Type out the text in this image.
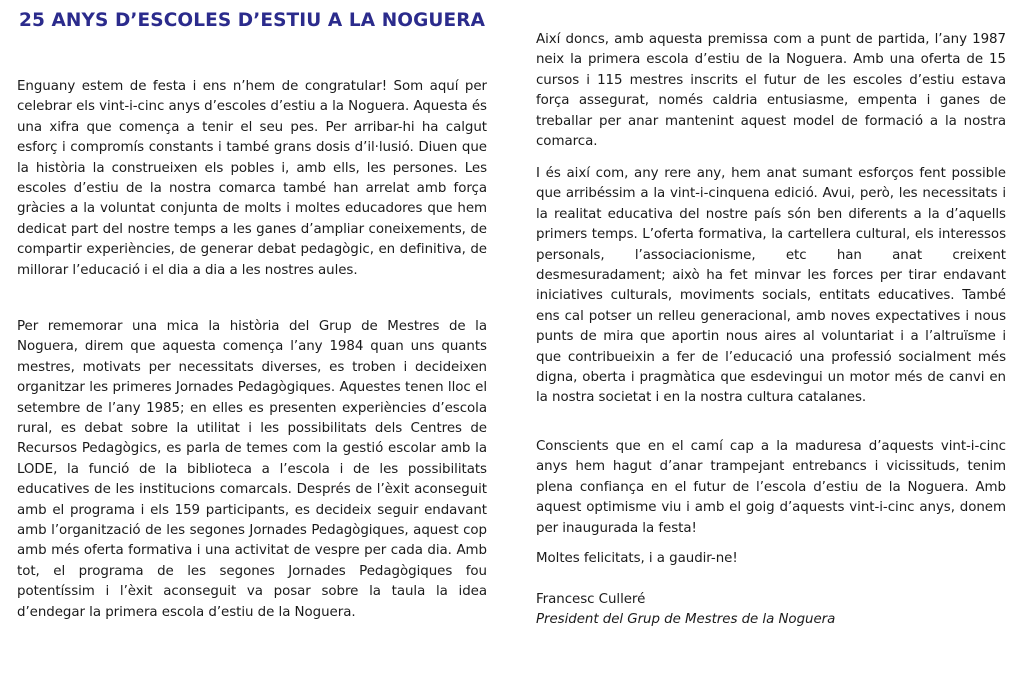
25 ANYS D’ESCOLES D’ESTIU A LA NOGUERA

Enguany estem de festa i ens n’hem de congratular! Som aquí per celebrar els vint-i-cinc anys d’escoles d’estiu a la Noguera. Aquesta és una xifra que comença a tenir el seu pes. Per arribar-hi ha calgut esforç i compromís constants i també grans dosis d’il·lusió. Diuen que la història la construeixen els pobles i, amb ells, les persones. Les escoles d’estiu de la nostra comarca també han arrelat amb força gràcies a la voluntat conjunta de molts i moltes educadores que hem dedicat part del nostre temps a les ganes d’ampliar coneixements, de compartir experiències, de generar debat pedagògic, en definitiva, de millorar l’educació i el dia a dia a les nostres aules.

Per rememorar una mica la història del Grup de Mestres de la Noguera, direm que aquesta comença l’any 1984 quan uns quants mestres, motivats per necessitats diverses, es troben i decideixen organitzar les primeres Jornades Pedagògiques. Aquestes tenen lloc el setembre de l’any 1985; en elles es presenten experiències d’escola rural, es debat sobre la utilitat i les possibilitats dels Centres de Recursos Pedagògics, es parla de temes com la gestió escolar amb la LODE, la funció de la biblioteca a l’escola i de les possibilitats educatives de les institucions comarcals. Després de l’èxit aconseguit amb el programa i els 159 participants, es decideix seguir endavant amb l’organització de les segones Jornades Pedagògiques, aquest cop amb més oferta formativa i una activitat de vespre per cada dia. Amb tot, el programa de les segones Jornades Pedagògiques fou potentíssim i l’èxit aconseguit va posar sobre la taula la idea d’endegar la primera escola d’estiu de la Noguera.

Així doncs, amb aquesta premissa com a punt de partida, l’any 1987 neix la primera escola d’estiu de la Noguera. Amb una oferta de 15 cursos i 115 mestres inscrits el futur de les escoles d’estiu estava força assegurat, només caldria entusiasme, empenta i ganes de treballar per anar mantenint aquest model de formació a la nostra comarca.

I és així com, any rere any, hem anat sumant esforços fent possible que arribéssim a la vint-i-cinquena edició. Avui, però, les necessitats i la realitat educativa del nostre país són ben diferents a la d’aquells primers temps. L’oferta formativa, la cartellera cultural, els interessos personals, l’associacionisme, etc han anat creixent desmesuradament; això ha fet minvar les forces per tirar endavant iniciatives culturals, moviments socials, entitats educatives. També ens cal potser un relleu generacional, amb noves expectatives i nous punts de mira que aportin nous aires al voluntariat i a l’altruïsme i que contribueixin a fer de l’educació una professió socialment més digna, oberta i pragmàtica que esdevingui un motor més de canvi en la nostra societat i en la nostra cultura catalanes.

Conscients que en el camí cap a la maduresa d’aquests vint-i-cinc anys hem hagut d’anar trampejant entrebancs i vicissituds, tenim plena confiança en el futur de l’escola d’estiu de la Noguera. Amb aquest optimisme viu i amb el goig d’aquests vint-i-cinc anys, donem per inaugurada la festa!

Moltes felicitats, i a gaudir-ne!

Francesc Culleré

President del Grup de Mestres de la Noguera
